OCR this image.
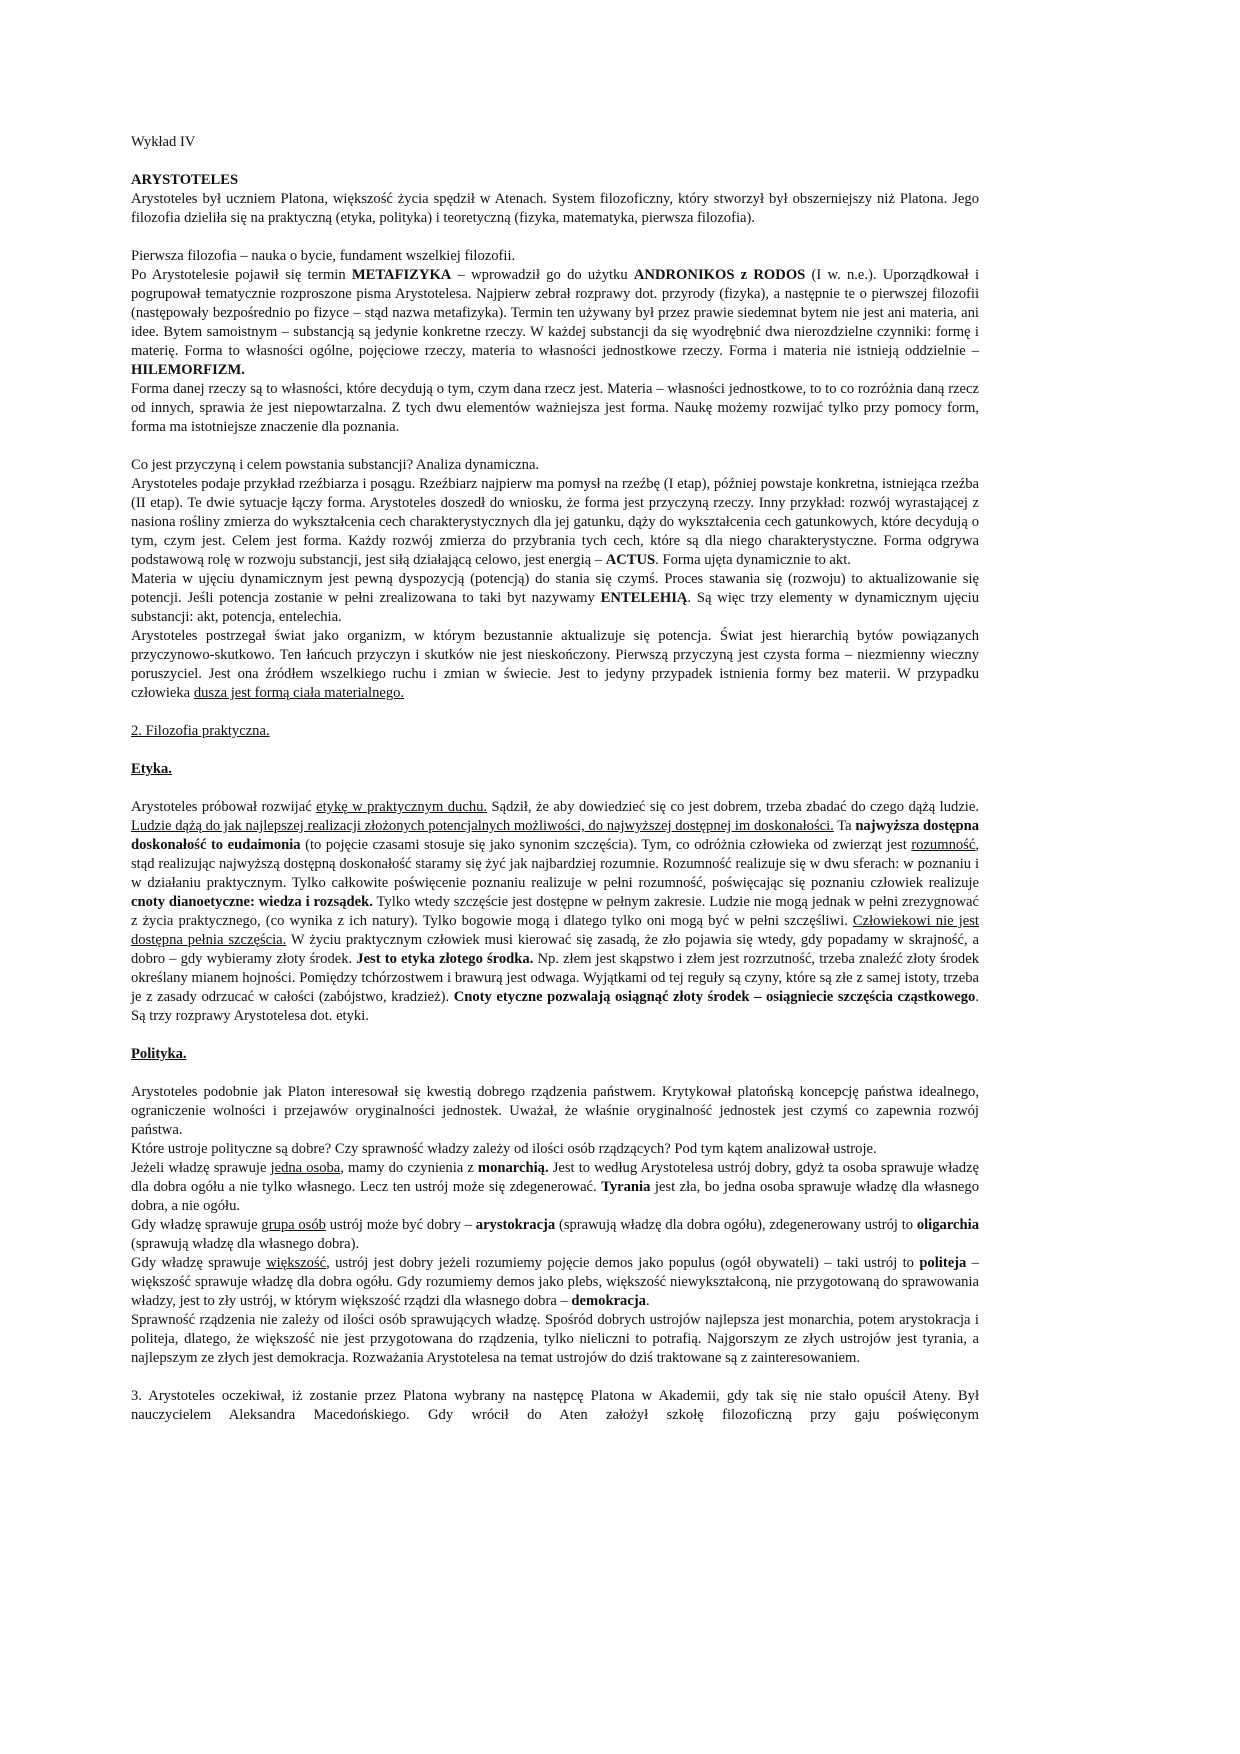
Wykład IV

ARYSTOTELES

Arystoteles był uczniem Platona, większość życia spędził w Atenach. System filozoficzny, który stworzył był obszerniejszy niż Platona. Jego filozofia dzieliła się na praktyczną (etyka, polityka) i teoretyczną (fizyka, matematyka, pierwsza filozofia).

Pierwsza filozofia – nauka o bycie, fundament wszelkiej filozofii.

Po Arystotelesie pojawił się termin METAFIZYKA – wprowadził go do użytku ANDRONIKOS z RODOS (I w. n.e.). Uporządkował i pogrupował tematycznie rozproszone pisma Arystotelesa. Najpierw zebrał rozprawy dot. przyrody (fizyka), a następnie te o pierwszej filozofii (następowały bezpośrednio po fizyce – stąd nazwa metafizyka). Termin ten używany był przez prawie siedemnat bytem nie jest ani materia, ani idee. Bytem samoistnym – substancją są jedynie konkretne rzeczy. W każdej substancji da się wyodrębnić dwa nierozdzielne czynniki: formę i materię. Forma to własności ogólne, pojęciowe rzeczy, materia to własności jednostkowe rzeczy. Forma i materia nie istnieją oddzielnie – HILEMORFIZM.

Forma danej rzeczy są to własności, które decydują o tym, czym dana rzecz jest. Materia – własności jednostkowe, to to co rozróżnia daną rzecz od innych, sprawia że jest niepowtarzalna. Z tych dwu elementów ważniejsza jest forma. Naukę możemy rozwijać tylko przy pomocy form, forma ma istotniejsze znaczenie dla poznania.

Co jest przyczyną i celem powstania substancji? Analiza dynamiczna.

Arystoteles podaje przykład rzeźbiarza i posągu. Rzeźbiarz najpierw ma pomysł na rzeźbę (I etap), później powstaje konkretna, istniejąca rzeźba (II etap). Te dwie sytuacje łączy forma. Arystoteles doszedł do wniosku, że forma jest przyczyną rzeczy. Inny przykład: rozwój wyrastającej z nasiona rośliny zmierza do wykształcenia cech charakterystycznych dla jej gatunku, dąży do wykształcenia cech gatunkowych, które decydują o tym, czym jest. Celem jest forma. Każdy rozwój zmierza do przybrania tych cech, które są dla niego charakterystyczne. Forma odgrywa podstawową rolę w rozwoju substancji, jest siłą działającą celowo, jest energią – ACTUS. Forma ujęta dynamicznie to akt.

Materia w ujęciu dynamicznym jest pewną dyspozycją (potencją) do stania się czymś. Proces stawania się (rozwoju) to aktualizowanie się potencji. Jeśli potencja zostanie w pełni zrealizowana to taki byt nazywamy ENTELEHIĄ. Są więc trzy elementy w dynamicznym ujęciu substancji: akt, potencja, entelechia.

Arystoteles postrzegał świat jako organizm, w którym bezustannie aktualizuje się potencja. Świat jest hierarchią bytów powiązanych przyczynowo-skutkowo. Ten łańcuch przyczyn i skutków nie jest nieskończony. Pierwszą przyczyną jest czysta forma – niezmienny wieczny poruszyciel. Jest ona źródłem wszelkiego ruchu i zmian w świecie. Jest to jedyny przypadek istnienia formy bez materii. W przypadku człowieka dusza jest formą ciała materialnego.

2. Filozofia praktyczna.

Etyka.

Arystoteles próbował rozwijać etykę w praktycznym duchu. Sądził, że aby dowiedzieć się co jest dobrem, trzeba zbadać do czego dążą ludzie. Ludzie dążą do jak najlepszej realizacji złożonych potencjalnych możliwości, do najwyższej dostępnej im doskonałości. Ta najwyższa dostępna doskonałość to eudaimonia (to pojęcie czasami stosuje się jako synonim szczęścia). Tym, co odróżnia człowieka od zwierząt jest rozumność, stąd realizując najwyższą dostępną doskonałość staramy się żyć jak najbardziej rozumnie. Rozumność realizuje się w dwu sferach: w poznaniu i w działaniu praktycznym. Tylko całkowite poświęcenie poznaniu realizuje w pełni rozumność, poświęcając się poznaniu człowiek realizuje cnoty dianoetyczne: wiedza i rozsądek. Tylko wtedy szczęście jest dostępne w pełnym zakresie. Ludzie nie mogą jednak w pełni zrezygnować z życia praktycznego, (co wynika z ich natury). Tylko bogowie mogą i dlatego tylko oni mogą być w pełni szczęśliwi. Człowiekowi nie jest dostępna pełnia szczęścia. W życiu praktycznym człowiek musi kierować się zasadą, że zło pojawia się wtedy, gdy popadamy w skrajność, a dobro – gdy wybieramy złoty środek. Jest to etyka złotego środka. Np. złem jest skąpstwo i złem jest rozrzutność, trzeba znaleźć złoty środek określany mianem hojności. Pomiędzy tchórzostwem i brawurą jest odwaga. Wyjątkami od tej reguły są czyny, które są złe z samej istoty, trzeba je z zasady odrzucać w całości (zabójstwo, kradzież). Cnoty etyczne pozwalają osiągnąć złoty środek – osiągniecie szczęścia cząstkowego. Są trzy rozprawy Arystotelesa dot. etyki.

Polityka.

Arystoteles podobnie jak Platon interesował się kwestią dobrego rządzenia państwem. Krytykował platońską koncepcję państwa idealnego, ograniczenie wolności i przejawów oryginalności jednostek. Uważał, że właśnie oryginalność jednostek jest czymś co zapewnia rozwój państwa.

Które ustroje polityczne są dobre? Czy sprawność władzy zależy od ilości osób rządzących? Pod tym kątem analizował ustroje.

Jeżeli władzę sprawuje jedna osoba, mamy do czynienia z monarchią. Jest to według Arystotelesa ustrój dobry, gdyż ta osoba sprawuje władzę dla dobra ogółu a nie tylko własnego. Lecz ten ustrój może się zdegenerować. Tyrania jest zła, bo jedna osoba sprawuje władzę dla własnego dobra, a nie ogółu.

Gdy władzę sprawuje grupa osób ustrój może być dobry – arystokracja (sprawują władzę dla dobra ogółu), zdegenerowany ustrój to oligarchia (sprawują władzę dla własnego dobra).

Gdy władzę sprawuje większość, ustrój jest dobry jeżeli rozumiemy pojęcie demos jako populus (ogół obywateli) – taki ustrój to politeja – większość sprawuje władzę dla dobra ogółu. Gdy rozumiemy demos jako plebs, większość niewykształconą, nie przygotowaną do sprawowania władzy, jest to zły ustrój, w którym większość rządzi dla własnego dobra – demokracja.

Sprawność rządzenia nie zależy od ilości osób sprawujących władzę. Spośród dobrych ustrojów najlepsza jest monarchia, potem arystokracja i politeja, dlatego, że większość nie jest przygotowana do rządzenia, tylko nieliczni to potrafią. Najgorszym ze złych ustrojów jest tyrania, a najlepszym ze złych jest demokracja. Rozważania Arystotelesa na temat ustrojów do dziś traktowane są z zainteresowaniem.

3. Arystoteles oczekiwał, iż zostanie przez Platona wybrany na następcę Platona w Akademii, gdy tak się nie stało opuścił Ateny. Był nauczycielem Aleksandra Macedońskiego. Gdy wrócił do Aten założył szkołę filozoficzną przy gaju poświęconym
